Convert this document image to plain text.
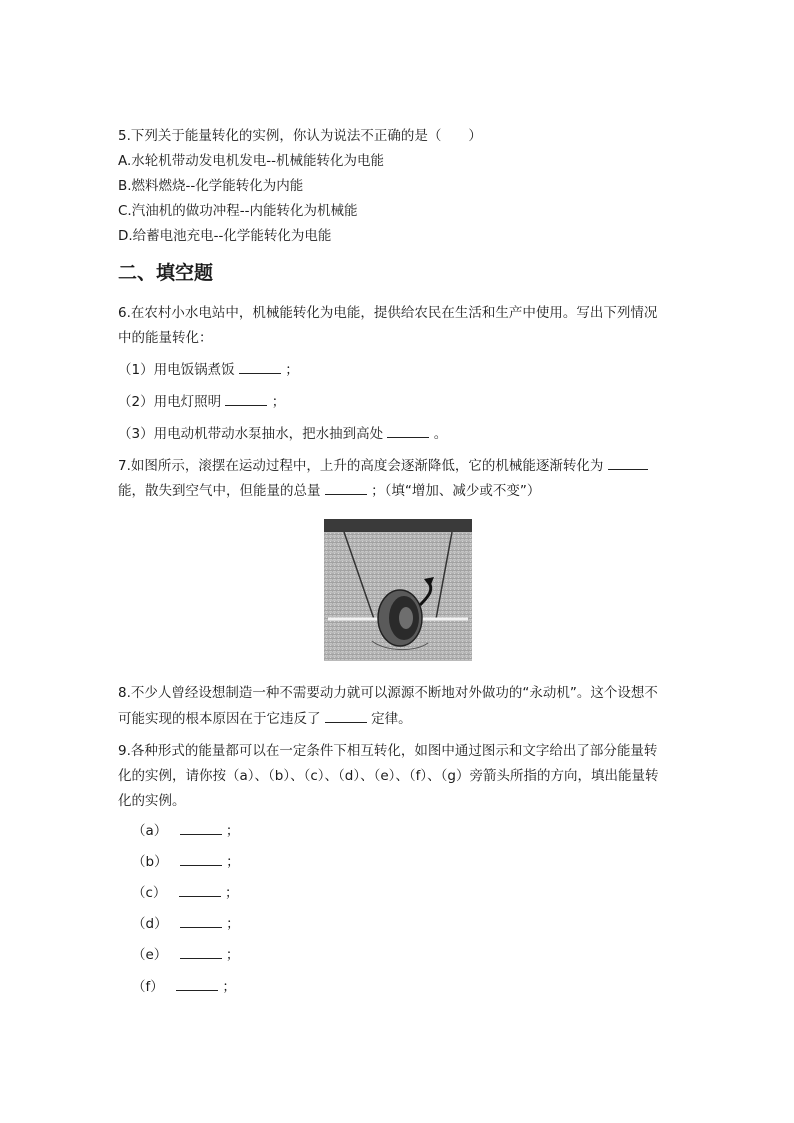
5.下列关于能量转化的实例，你认为说法不正确的是（　　）
A.水轮机带动发电机发电--机械能转化为电能
B.燃料燃烧--化学能转化为内能
C.汽油机的做功冲程--内能转化为机械能
D.给蓄电池充电--化学能转化为电能
二、填空题
6.在农村小水电站中，机械能转化为电能，提供给农民在生活和生产中使用。写出下列情况
中的能量转化：
（1）用电饭锅煮饭	；
（2）用电灯照明	；
（3）用电动机带动水泵抽水，把水抽到高处	。
7.如图所示，滚摆在运动过程中，上升的高度会逐渐降低，它的机械能逐渐转化为
能，散失到空气中，但能量的总量	；（填“增加、减少或不变”）
8.不少人曾经设想制造一种不需要动力就可以源源不断地对外做功的“永动机”。这个设想不
可能实现的根本原因在于它违反了	定律。
9.各种形式的能量都可以在一定条件下相互转化，如图中通过图示和文字给出了部分能量转
化的实例，请你按（a）、（b）、（c）、（d）、（e）、（f）、（g）旁箭头所指的方向，填出能量转
化的实例。
（a）	；
（b）	；
（c）	；
（d）	；
（e）	；
（f）	；
